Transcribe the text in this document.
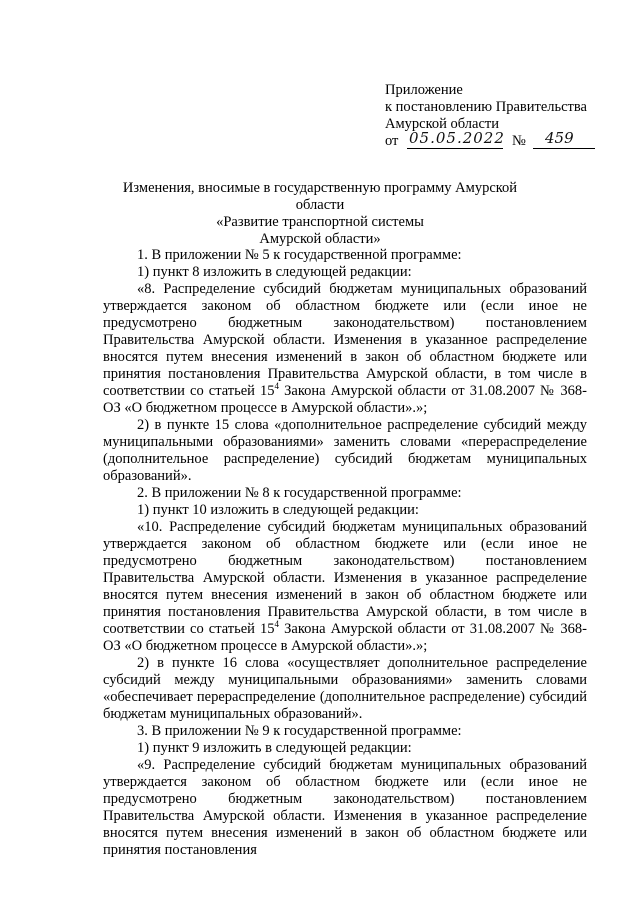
Приложение
к постановлению Правительства
Амурской области
от 05.05.2022 № 459
Изменения, вносимые в государственную программу Амурской области
«Развитие транспортной системы
Амурской области»
1. В приложении № 5 к государственной программе:
1) пункт 8 изложить в следующей редакции:
«8. Распределение субсидий бюджетам муниципальных образований утверждается законом об областном бюджете или (если иное не предусмотрено бюджетным законодательством) постановлением Правительства Амурской области. Изменения в указанное распределение вносятся путем внесения изменений в закон об областном бюджете или принятия постановления Правительства Амурской области, в том числе в соответствии со статьей $15^4$ Закона Амурской области от 31.08.2007 № 368-ОЗ «О бюджетном процессе в Амурской области».»;
2) в пункте 15 слова «дополнительное распределение субсидий между муниципальными образованиями» заменить словами «перераспределение (дополнительное распределение) субсидий бюджетам муниципальных образований».
2. В приложении № 8 к государственной программе:
1) пункт 10 изложить в следующей редакции:
«10. Распределение субсидий бюджетам муниципальных образований утверждается законом об областном бюджете или (если иное не предусмотрено бюджетным законодательством) постановлением Правительства Амурской области. Изменения в указанное распределение вносятся путем внесения изменений в закон об областном бюджете или принятия постановления Правительства Амурской области, в том числе в соответствии со статьей $15^4$ Закона Амурской области от 31.08.2007 № 368-ОЗ «О бюджетном процессе в Амурской области».»;
2) в пункте 16 слова «осуществляет дополнительное распределение субсидий между муниципальными образованиями» заменить словами «обеспечивает перераспределение (дополнительное распределение) субсидий бюджетам муниципальных образований».
3. В приложении № 9 к государственной программе:
1) пункт 9 изложить в следующей редакции:
«9. Распределение субсидий бюджетам муниципальных образований утверждается законом об областном бюджете или (если иное не предусмотрено бюджетным законодательством) постановлением Правительства Амурской области. Изменения в указанное распределение вносятся путем внесения изменений в закон об областном бюджете или принятия постановления
